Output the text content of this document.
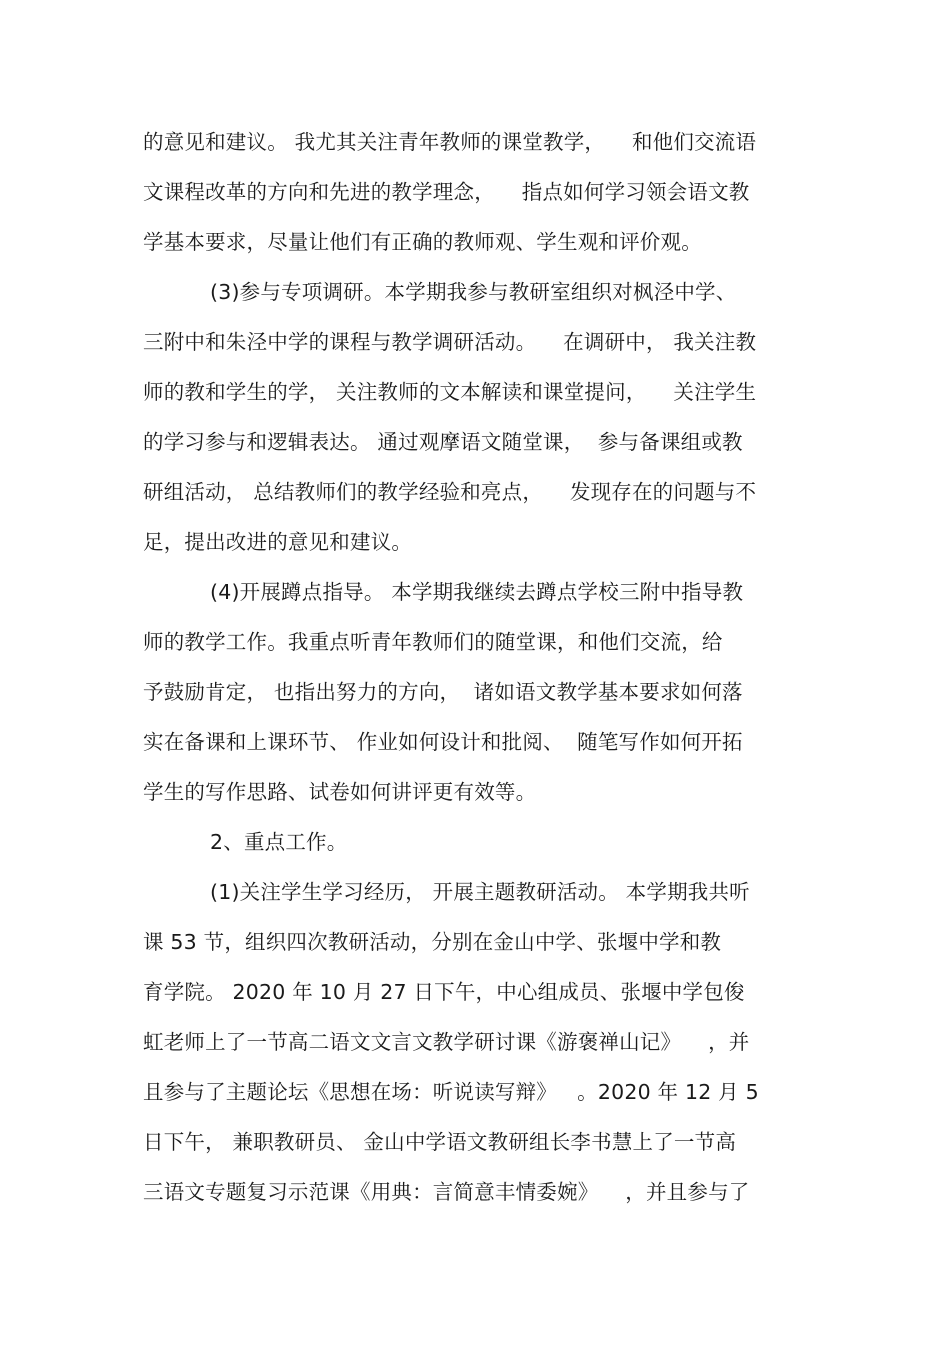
的意见和建议。 我尤其关注青年教师的课堂教学，    和他们交流语
文课程改革的方向和先进的教学理念，    指点如何学习领会语文教
学基本要求，尽量让他们有正确的教师观、学生观和评价观。
(3)参与专项调研。本学期我参与教研室组织对枫泾中学、
三附中和朱泾中学的课程与教学调研活动。    在调研中， 我关注教
师的教和学生的学， 关注教师的文本解读和课堂提问，    关注学生
的学习参与和逻辑表达。 通过观摩语文随堂课，  参与备课组或教
研组活动， 总结教师们的教学经验和亮点，    发现存在的问题与不
足，提出改进的意见和建议。
(4)开展蹲点指导。 本学期我继续去蹲点学校三附中指导教
师的教学工作。我重点听青年教师们的随堂课，和他们交流，给
予鼓励肯定， 也指出努力的方向，  诸如语文教学基本要求如何落
实在备课和上课环节、 作业如何设计和批阅、  随笔写作如何开拓
学生的写作思路、试卷如何讲评更有效等。
2、重点工作。
(1)关注学生学习经历， 开展主题教研活动。 本学期我共听
课 53 节，组织四次教研活动，分别在金山中学、张堰中学和教
育学院。 2020 年 10 月 27 日下午，中心组成员、张堰中学包俊
虹老师上了一节高二语文文言文教学研讨课《游褒禅山记》    ，并
且参与了主题论坛《思想在场：听说读写辩》   。2020 年 12 月 5
日下午， 兼职教研员、 金山中学语文教研组长李书慧上了一节高
三语文专题复习示范课《用典：言简意丰情委婉》    ，并且参与了
